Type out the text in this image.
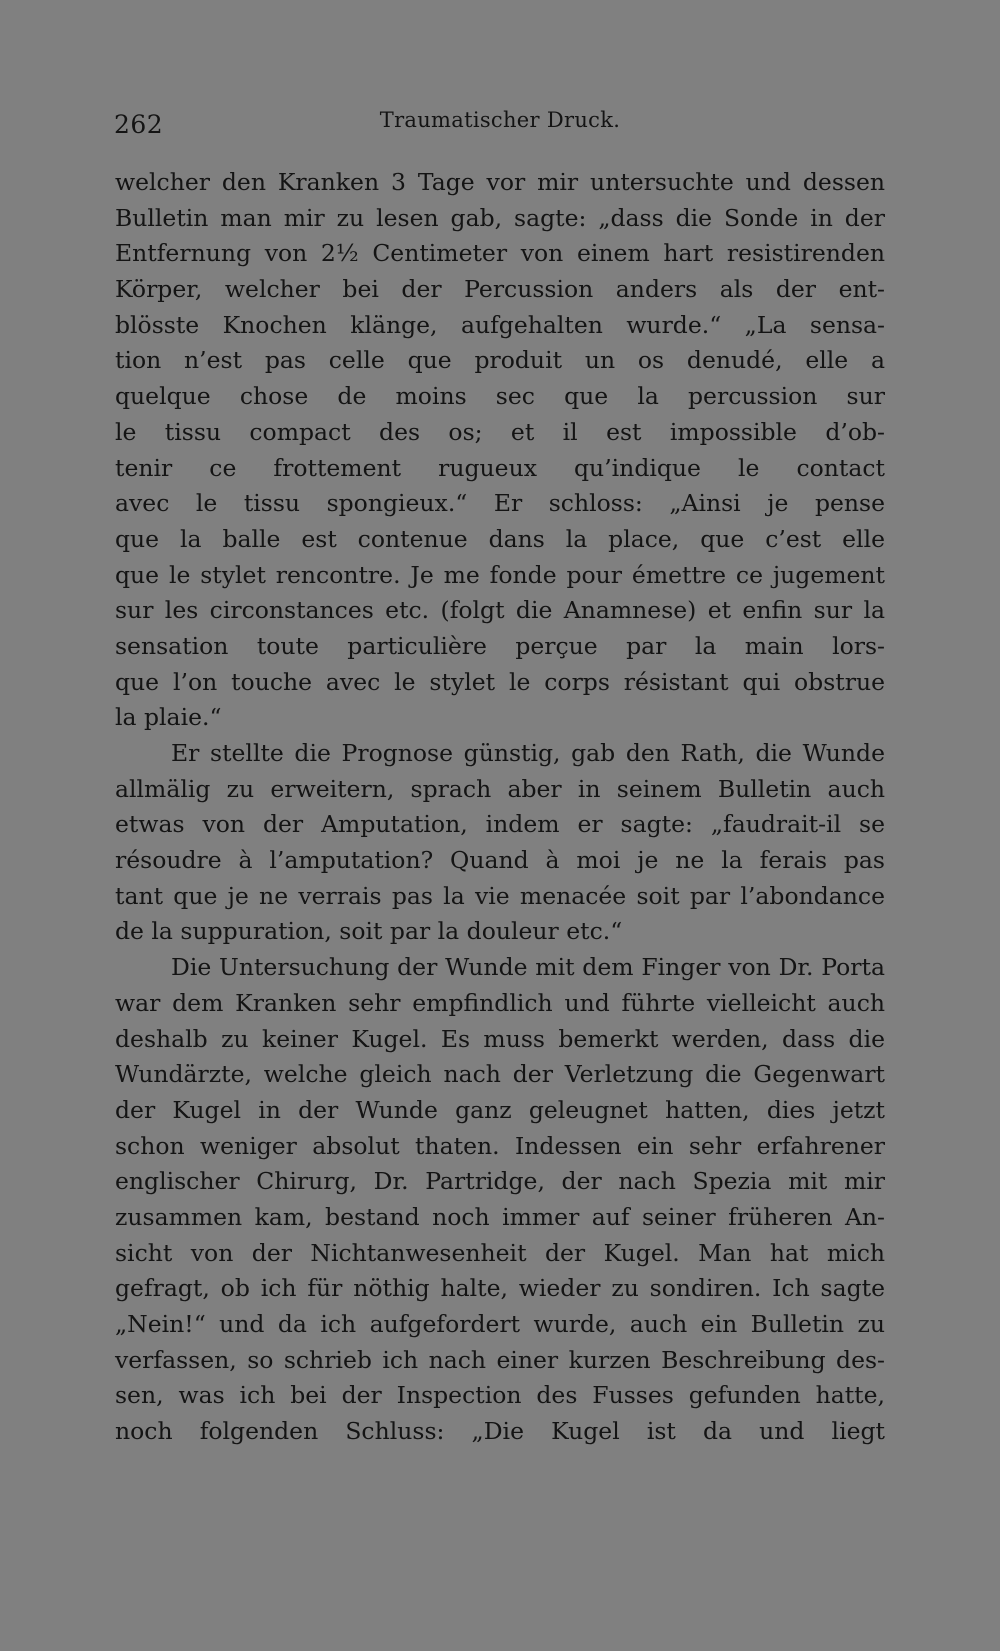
262	Traumatischer Druck.
welcher den Kranken 3 Tage vor mir untersuchte und dessen
Bulletin man mir zu lesen gab, sagte: „dass die Sonde in der
Entfernung von 2½ Centimeter von einem hart resistirenden
Körper, welcher bei der Percussion anders als der ent-
blösste Knochen klänge, aufgehalten wurde.“ „La sensa-
tion n’est pas celle que produit un os denudé, elle a
quelque chose de moins sec que la percussion sur
le tissu compact des os; et il est impossible d’ob-
tenir ce frottement rugueux qu’indique le contact
avec le tissu spongieux.“ Er schloss: „Ainsi je pense
que la balle est contenue dans la place, que c’est elle
que le stylet rencontre. Je me fonde pour émettre ce jugement
sur les circonstances etc. (folgt die Anamnese) et enfin sur la
sensation toute particulière perçue par la main lors-
que l’on touche avec le stylet le corps résistant qui obstrue
la plaie.“
Er stellte die Prognose günstig, gab den Rath, die Wunde
allmälig zu erweitern, sprach aber in seinem Bulletin auch
etwas von der Amputation, indem er sagte: „faudrait-il se
résoudre à l’amputation? Quand à moi je ne la ferais pas
tant que je ne verrais pas la vie menacée soit par l’abondance
de la suppuration, soit par la douleur etc.“
Die Untersuchung der Wunde mit dem Finger von Dr. Porta
war dem Kranken sehr empfindlich und führte vielleicht auch
deshalb zu keiner Kugel. Es muss bemerkt werden, dass die
Wundärzte, welche gleich nach der Verletzung die Gegenwart
der Kugel in der Wunde ganz geleugnet hatten, dies jetzt
schon weniger absolut thaten. Indessen ein sehr erfahrener
englischer Chirurg, Dr. Partridge, der nach Spezia mit mir
zusammen kam, bestand noch immer auf seiner früheren An-
sicht von der Nichtanwesenheit der Kugel. Man hat mich
gefragt, ob ich für nöthig halte, wieder zu sondiren. Ich sagte
„Nein!“ und da ich aufgefordert wurde, auch ein Bulletin zu
verfassen, so schrieb ich nach einer kurzen Beschreibung des-
sen, was ich bei der Inspection des Fusses gefunden hatte,
noch folgenden Schluss: „Die Kugel ist da und liegt
